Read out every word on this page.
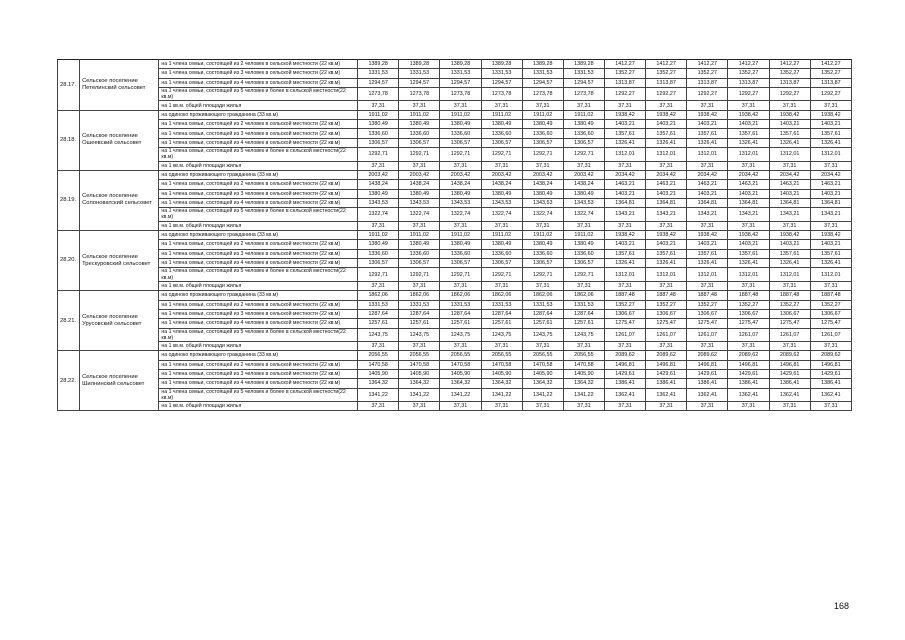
28.17.	Сельское поселение Петелинский сельсовет	на 1 члена семьи, состоящей из 2 человек в сельской местности (22 кв.м)	1389,28	1389,28	1389,28	1389,28	1389,28	1389,28	1412,27	1412,27	1412,27	1412,27	1412,27	1412,27
		на 1 члена семьи, состоящей из 3 человек в сельской местности (22 кв.м)	1331,53	1331,53	1331,53	1331,53	1331,53	1331,53	1352,27	1352,27	1352,27	1352,27	1352,27	1352,27
		на 1 члена семьи, состоящей из 4 человек в сельской местности (22 кв.м)	1294,57	1294,57	1294,57	1294,57	1294,57	1294,57	1313,87	1313,87	1313,87	1313,87	1313,87	1313,87
		на 1 члена семьи, состоящей из 5 человек и более в сельской местности(22 кв.м)	1273,78	1273,78	1273,78	1273,78	1273,78	1273,78	1292,27	1292,27	1292,27	1292,27	1292,27	1292,27
		на 1 кв.м. общей площади жилья	37,31	37,31	37,31	37,31	37,31	37,31	37,31	37,31	37,31	37,31	37,31	37,31
28.18.	Сельское поселение Ошеевский сельсовет	на одиноко проживающего гражданина (33 кв.м)	1911,02	1911,02	1911,02	1911,02	1911,02	1911,02	1938,42	1938,42	1938,42	1938,42	1938,42	1938,42
		на 1 члена семьи, состоящей из 2 человек в сельской местности (22 кв.м)	1380,49	1380,49	1380,49	1380,49	1380,49	1380,49	1403,21	1403,21	1403,21	1403,21	1403,21	1403,21
		на 1 члена семьи, состоящей из 3 человек в сельской местности (22 кв.м)	1336,60	1336,60	1336,60	1336,60	1336,60	1336,60	1357,61	1357,61	1357,61	1357,61	1357,61	1357,61
		на 1 члена семьи, состоящей из 4 человек в сельской местности (22 кв.м)	1306,57	1306,57	1306,57	1306,57	1306,57	1306,57	1326,41	1326,41	1326,41	1326,41	1326,41	1326,41
		на 1 члена семьи, состоящей из 5 человек и более в сельской местности(22 кв.м)	1292,71	1292,71	1292,71	1292,71	1292,71	1292,71	1312,01	1312,01	1312,01	1312,01	1312,01	1312,01
		на 1 кв.м. общей площади жилья	37,31	37,31	37,31	37,31	37,31	37,31	37,31	37,31	37,31	37,31	37,31	37,31
28.19.	Сельское поселение Солоноватский сельсовет	на одиноко проживающего гражданина (33 кв.м)	2003,42	2003,42	2003,42	2003,42	2003,42	2003,42	2034,42	2034,42	2034,42	2034,42	2034,42	2034,42
		на 1 члена семьи, состоящей из 2 человек в сельской местности (22 кв.м)	1438,24	1438,24	1438,24	1438,24	1438,24	1438,24	1463,21	1463,21	1463,21	1463,21	1463,21	1463,21
		на 1 члена семьи, состоящей из 3 человек в сельской местности (22 кв.м)	1380,49	1380,49	1380,49	1380,49	1380,49	1380,49	1403,21	1403,21	1403,21	1403,21	1403,21	1403,21
		на 1 члена семьи, состоящей из 4 человек в сельской местности (22 кв.м)	1343,53	1343,53	1343,53	1343,53	1343,53	1343,53	1364,81	1364,81	1364,81	1364,81	1364,81	1364,81
		на 1 члена семьи, состоящей из 5 человек и более в сельской местности(22 кв.м)	1322,74	1322,74	1322,74	1322,74	1322,74	1322,74	1343,21	1343,21	1343,21	1343,21	1343,21	1343,21
		на 1 кв.м. общей площади жилья	37,31	37,31	37,31	37,31	37,31	37,31	37,31	37,31	37,31	37,31	37,31	37,31
28.20.	Сельское поселение Трескуровский сельсовет	на одиноко проживающего гражданина (33 кв.м)	1911,02	1911,02	1911,02	1911,02	1911,02	1911,02	1938,42	1938,42	1938,42	1938,42	1938,42	1938,42
		на 1 члена семьи, состоящей из 2 человек в сельской местности (22 кв.м)	1380,49	1380,49	1380,49	1380,49	1380,49	1380,49	1403,21	1403,21	1403,21	1403,21	1403,21	1403,21
		на 1 члена семьи, состоящей из 3 человек в сельской местности (22 кв.м)	1336,60	1336,60	1336,60	1336,60	1336,60	1336,60	1357,61	1357,61	1357,61	1357,61	1357,61	1357,61
		на 1 члена семьи, состоящей из 4 человек в сельской местности (22 кв.м)	1306,57	1306,57	1306,57	1306,57	1306,57	1306,57	1326,41	1326,41	1326,41	1326,41	1326,41	1326,41
		на 1 члена семьи, состоящей из 5 человек и более в сельской местности(22 кв.м)	1292,71	1292,71	1292,71	1292,71	1292,71	1292,71	1312,01	1312,01	1312,01	1312,01	1312,01	1312,01
		на 1 кв.м. общей площади жилья	37,31	37,31	37,31	37,31	37,31	37,31	37,31	37,31	37,31	37,31	37,31	37,31
28.21.	Сельское поселение Урусовский сельсовет	на одиноко проживающего гражданина (33 кв.м)	1862,06	1862,06	1862,06	1862,06	1862,06	1862,06	1887,48	1887,48	1887,48	1887,48	1887,48	1887,48
		на 1 члена семьи, состоящей из 2 человек в сельской местности (22 кв.м)	1331,53	1331,53	1331,53	1331,53	1331,53	1331,53	1352,27	1352,27	1352,27	1352,27	1352,27	1352,27
		на 1 члена семьи, состоящей из 3 человек в сельской местности (22 кв.м)	1287,64	1287,64	1287,64	1287,64	1287,64	1287,64	1306,67	1306,67	1306,67	1306,67	1306,67	1306,67
		на 1 члена семьи, состоящей из 4 человек в сельской местности (22 кв.м)	1257,61	1257,61	1257,61	1257,61	1257,61	1257,61	1275,47	1275,47	1275,47	1275,47	1275,47	1275,47
		на 1 члена семьи, состоящей из 5 человек и более в сельской местности(22 кв.м)	1243,75	1243,75	1243,75	1243,75	1243,75	1243,75	1261,07	1261,07	1261,07	1261,07	1261,07	1261,07
		на 1 кв.м. общей площади жилья	37,31	37,31	37,31	37,31	37,31	37,31	37,31	37,31	37,31	37,31	37,31	37,31
28.22.	Сельское поселение Шилнинский сельсовет	на одиноко проживающего гражданина (33 кв.м)	2056,55	2056,55	2056,55	2056,55	2056,55	2056,55	2089,62	2089,62	2089,62	2089,62	2089,62	2089,62
		на 1 члена семьи, состоящей из 2 человек в сельской местности (22 кв.м)	1470,58	1470,58	1470,58	1470,58	1470,58	1470,58	1496,81	1496,81	1496,81	1496,81	1496,81	1496,81
		на 1 члена семьи, состоящей из 3 человек в сельской местности (22 кв.м)	1405,90	1405,90	1405,90	1405,90	1405,90	1405,90	1429,61	1429,61	1429,61	1429,61	1429,61	1429,61
		на 1 члена семьи, состоящей из 4 человек в сельской местности (22 кв.м)	1364,32	1364,32	1364,32	1364,32	1364,32	1364,32	1386,41	1386,41	1386,41	1386,41	1386,41	1386,41
		на 1 члена семьи, состоящей из 5 человек и более в сельской местности(22 кв.м)	1341,22	1341,22	1341,22	1341,22	1341,22	1341,22	1362,41	1362,41	1362,41	1362,41	1362,41	1362,41
		на 1 кв.м. общей площади жилья	37,31	37,31	37,31	37,31	37,31	37,31	37,31	37,31	37,31	37,31	37,31	37,31
168
